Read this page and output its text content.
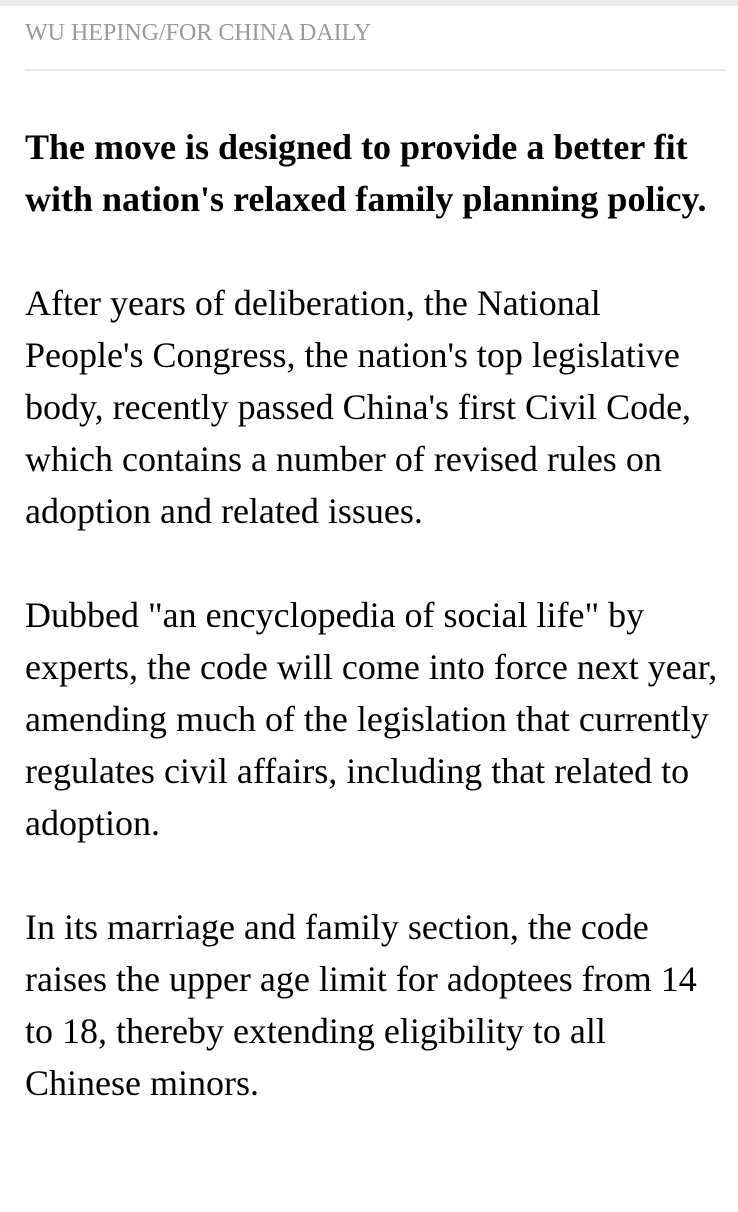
WU HEPING/FOR CHINA DAILY

The move is designed to provide a better fit with nation's relaxed family planning policy.

After years of deliberation, the National People's Congress, the nation's top legislative body, recently passed China's first Civil Code, which contains a number of revised rules on adoption and related issues.

Dubbed "an encyclopedia of social life" by experts, the code will come into force next year, amending much of the legislation that currently regulates civil affairs, including that related to adoption.

In its marriage and family section, the code raises the upper age limit for adoptees from 14 to 18, thereby extending eligibility to all Chinese minors.
